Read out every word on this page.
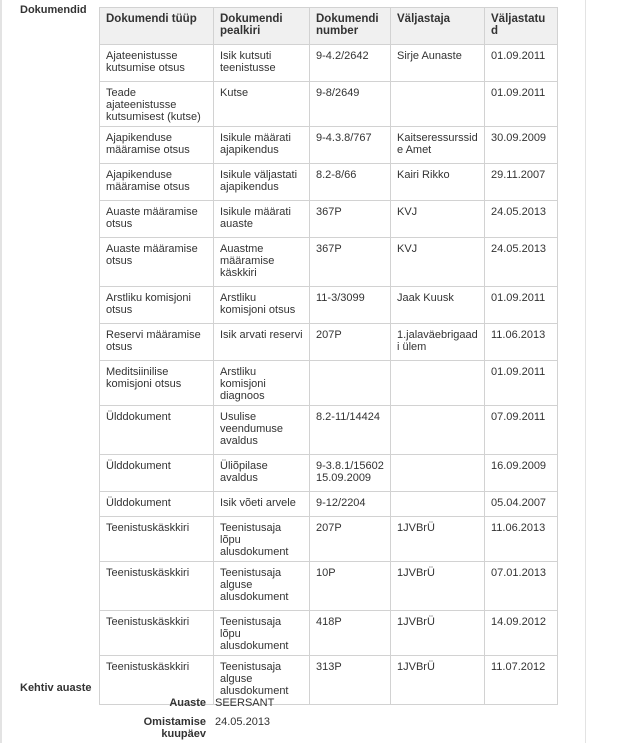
Dokumendid
Dokumendi tüüp	Dokumendi pealkiri	Dokumendi number	Väljastaja	Väljastatud
Ajateenistusse kutsumise otsus	Isik kutsuti teenistusse	9-4.2/2642	Sirje Aunaste	01.09.2011
Teade ajateenistusse kutsumisest (kutse)	Kutse	9-8/2649		01.09.2011
Ajapikenduse määramise otsus	Isikule määrati ajapikendus	9-4.3.8/767	Kaitseressursside Amet	30.09.2009
Ajapikenduse määramise otsus	Isikule väljastati ajapikendus	8.2-8/66	Kairi Rikko	29.11.2007
Auaste määramise otsus	Isikule määrati auaste	367P	KVJ	24.05.2013
Auaste määramise otsus	Auastme määramise käskkiri	367P	KVJ	24.05.2013
Arstliku komisjoni otsus	Arstliku komisjoni otsus	11-3/3099	Jaak Kuusk	01.09.2011
Reservi määramise otsus	Isik arvati reservi	207P	1.jalaväebrigaadi ülem	11.06.2013
Meditsiinilise komisjoni otsus	Arstliku komisjoni diagnoos			01.09.2011
Ülddokument	Usulise veendumuse avaldus	8.2-11/14424		07.09.2011
Ülddokument	Üliõpilase avaldus	9-3.8.1/15602 15.09.2009		16.09.2009
Ülddokument	Isik võeti arvele	9-12/2204		05.04.2007
Teenistuskäskkiri	Teenistusaja lõpu alusdokument	207P	1JVBrÜ	11.06.2013
Teenistuskäskkiri	Teenistusaja alguse alusdokument	10P	1JVBrÜ	07.01.2013
Teenistuskäskkiri	Teenistusaja lõpu alusdokument	418P	1JVBrÜ	14.09.2012
Teenistuskäskkiri	Teenistusaja alguse alusdokument	313P	1JVBrÜ	11.07.2012
Kehtiv auaste
Auaste SEERSANT
Omistamise kuupäev
24.05.2013
